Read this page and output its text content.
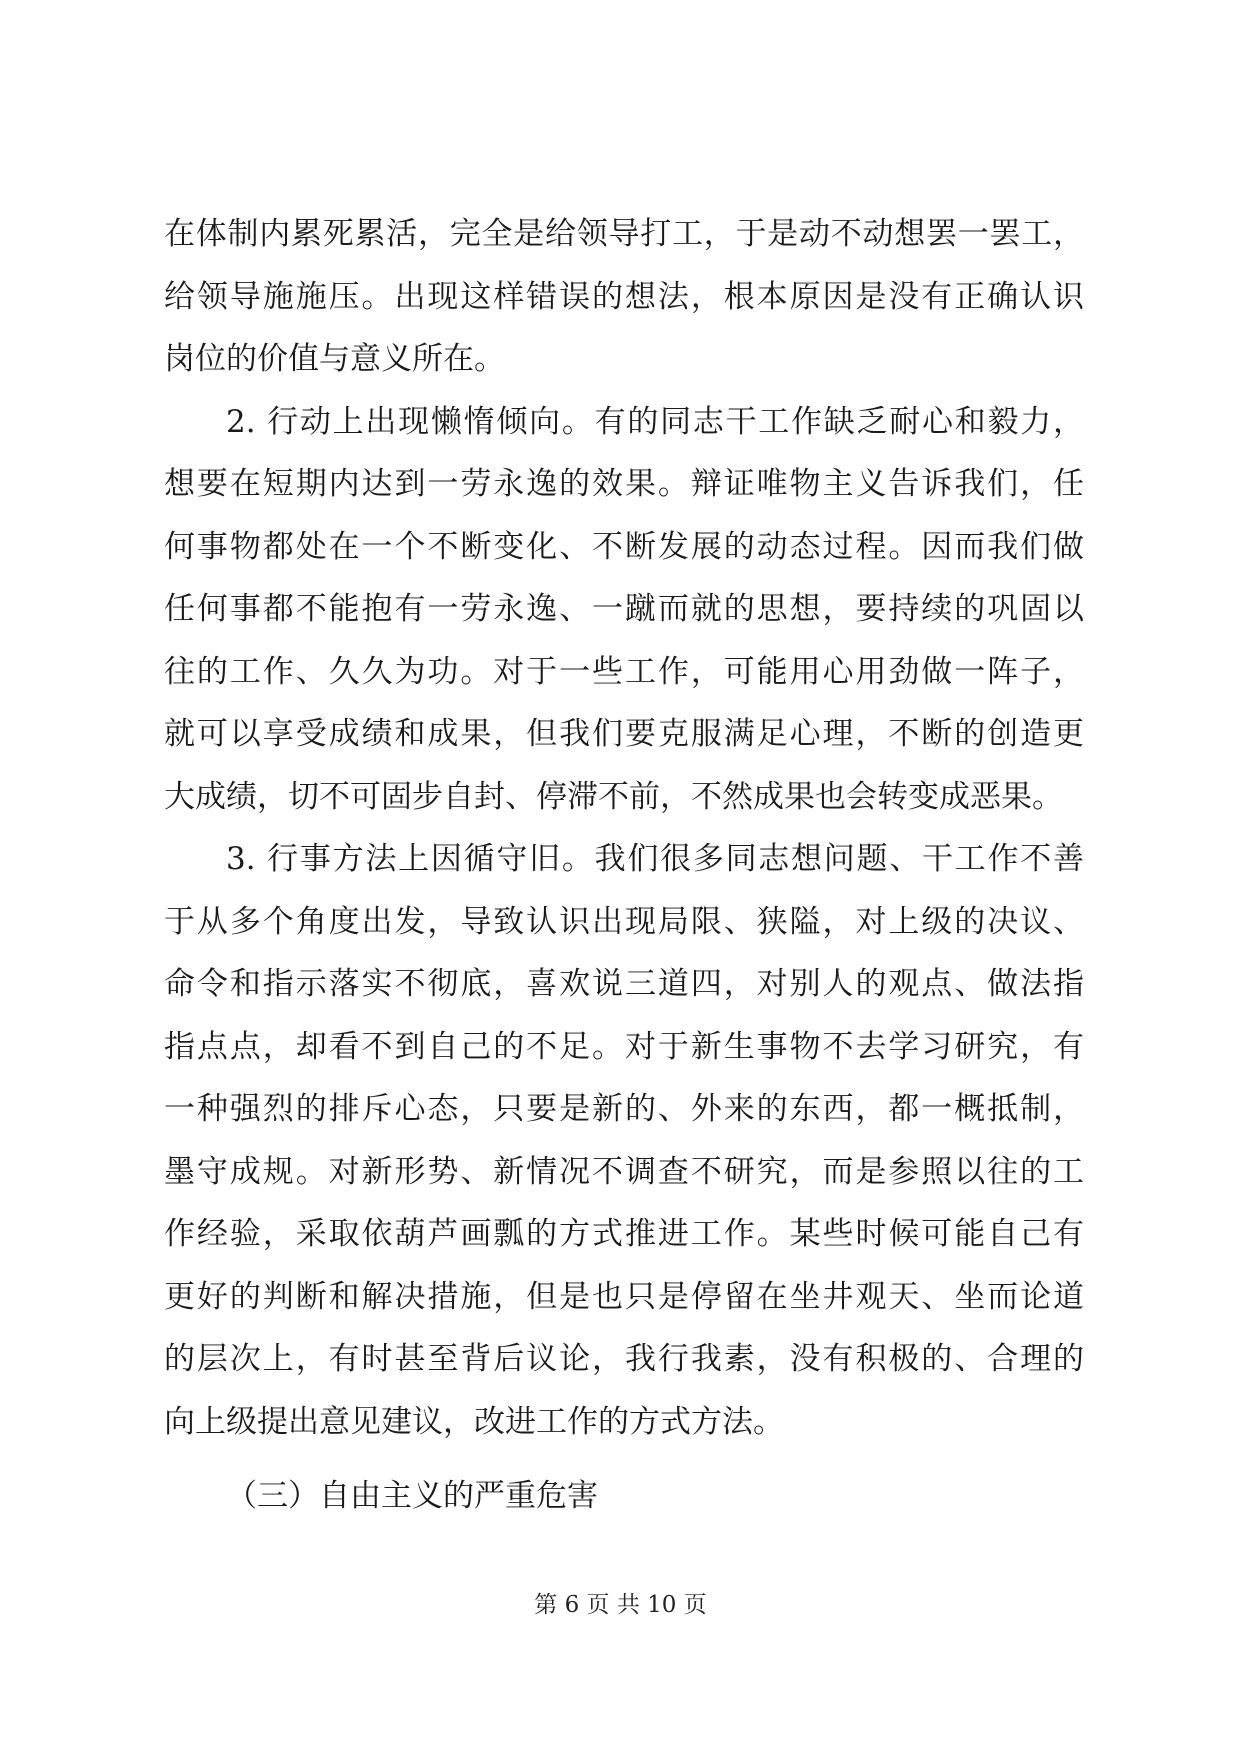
在体制内累死累活，完全是给领导打工，于是动不动想罢一罢工，
给领导施施压。出现这样错误的想法，根本原因是没有正确认识
岗位的价值与意义所在。
2. 行动上出现懒惰倾向。有的同志干工作缺乏耐心和毅力，
想要在短期内达到一劳永逸的效果。辩证唯物主义告诉我们，任
何事物都处在一个不断变化、不断发展的动态过程。因而我们做
任何事都不能抱有一劳永逸、一蹴而就的思想，要持续的巩固以
往的工作、久久为功。对于一些工作，可能用心用劲做一阵子，
就可以享受成绩和成果，但我们要克服满足心理，不断的创造更
大成绩，切不可固步自封、停滞不前，不然成果也会转变成恶果。
3. 行事方法上因循守旧。我们很多同志想问题、干工作不善
于从多个角度出发，导致认识出现局限、狭隘，对上级的决议、
命令和指示落实不彻底，喜欢说三道四，对别人的观点、做法指
指点点，却看不到自己的不足。对于新生事物不去学习研究，有
一种强烈的排斥心态，只要是新的、外来的东西，都一概抵制，
墨守成规。对新形势、新情况不调查不研究，而是参照以往的工
作经验，采取依葫芦画瓢的方式推进工作。某些时候可能自己有
更好的判断和解决措施，但是也只是停留在坐井观天、坐而论道
的层次上，有时甚至背后议论，我行我素，没有积极的、合理的
向上级提出意见建议，改进工作的方式方法。
（三）自由主义的严重危害
第 6 页 共 10 页
